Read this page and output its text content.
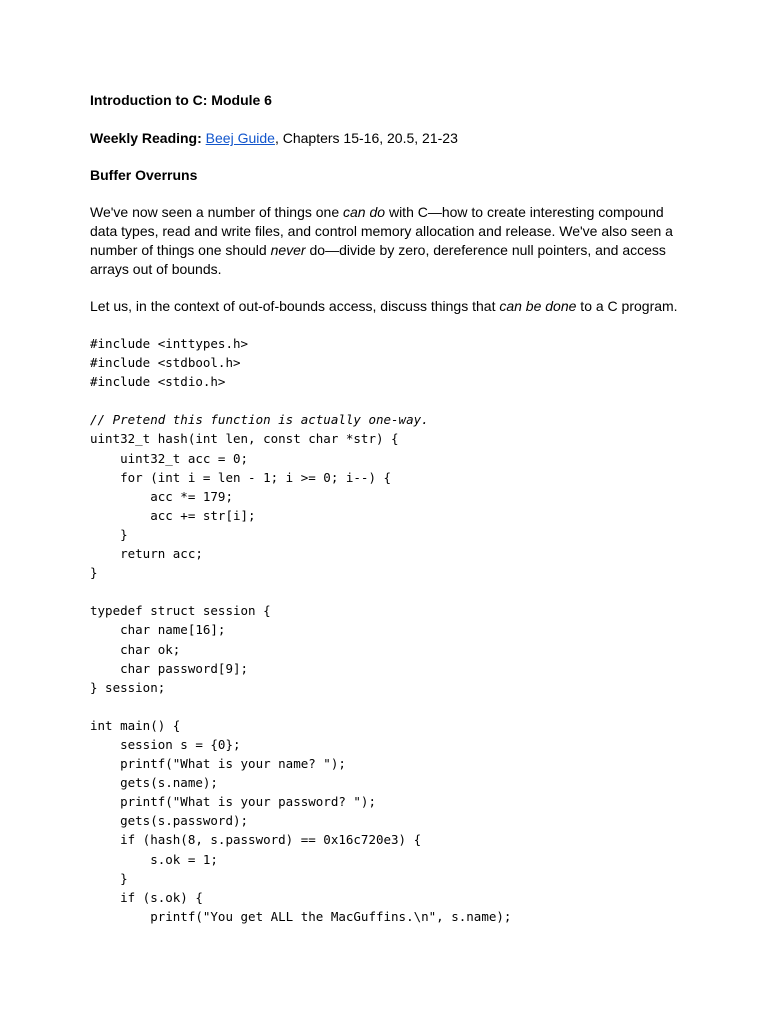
Introduction to C: Module 6

Weekly Reading: Beej Guide, Chapters 15-16, 20.5, 21-23

Buffer Overruns

We've now seen a number of things one can do with C—how to create interesting compound data types, read and write files, and control memory allocation and release. We've also seen a number of things one should never do—divide by zero, dereference null pointers, and access arrays out of bounds.

Let us, in the context of out-of-bounds access, discuss things that can be done to a C program.

#include <inttypes.h>
#include <stdbool.h>
#include <stdio.h>
// Pretend this function is actually one-way.
uint32_t hash(int len, const char *str) {
uint32_t acc = 0;
for (int i = len - 1; i >= 0; i--) {
acc *= 179;
acc += str[i];
}
return acc;
}
typedef struct session {
char name[16];
char ok;
char password[9];
} session;
int main() {
session s = {0};
printf("What is your name? ");
gets(s.name);
printf("What is your password? ");
gets(s.password);
if (hash(8, s.password) == 0x16c720e3) {
s.ok = 1;
}
if (s.ok) {
printf("You get ALL the MacGuffins.\n", s.name);
